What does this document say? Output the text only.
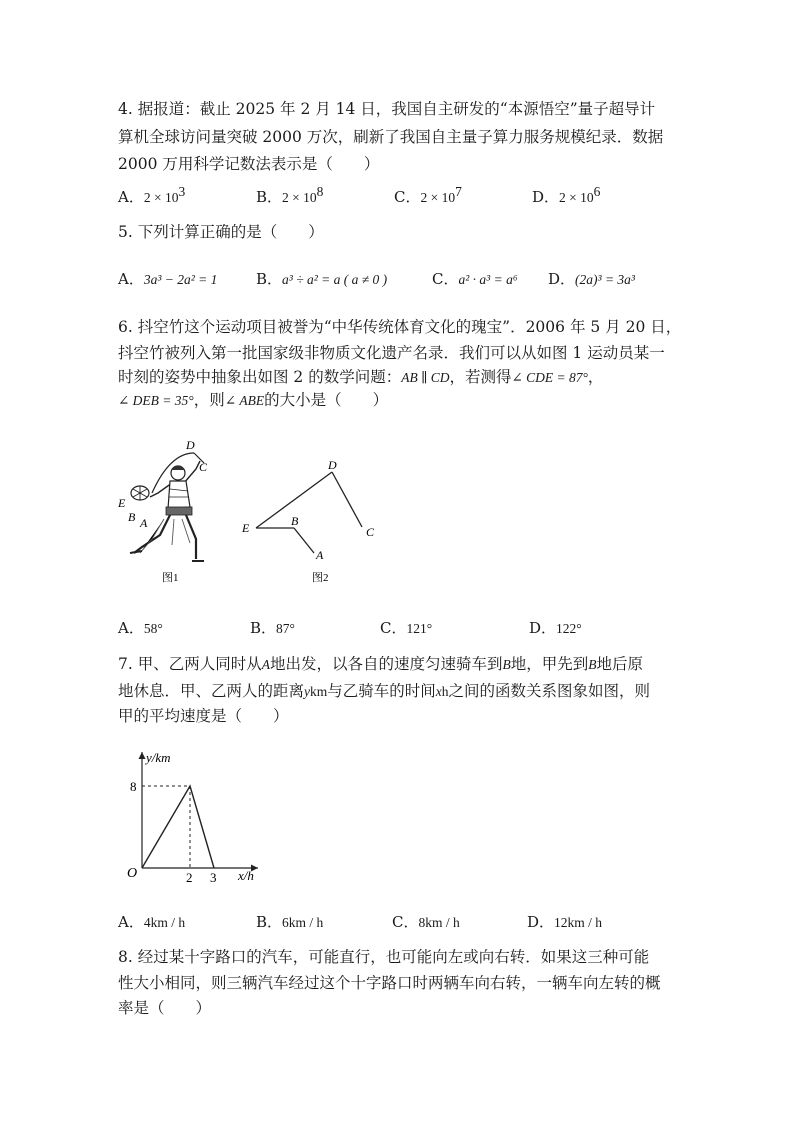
4. 据报道：截止 2025 年 2 月 14 日，我国自主研发的“本源悟空”量子超导计
算机全球访问量突破 2000 万次，刷新了我国自主量子算力服务规模纪录．数据
2000 万用科学记数法表示是（　　）
A．$2 \times 10^3$	B．$2 \times 10^8$	C．$2 \times 10^7$	D．$2 \times 10^6$
5. 下列计算正确的是（　　）
A．3a³ − 2a² = 1	B．a³ ÷ a² = a ( a ≠ 0 )	C．a² · a³ = a⁶ D．(2a)³ = 3a³
6. 抖空竹这个运动项目被誉为“中华传统体育文化的瑰宝”．2006 年 5 月 20 日，
抖空竹被列入第一批国家级非物质文化遗产名录．我们可以从如图 1 运动员某一
时刻的姿势中抽象出如图 2 的数学问题：AB ∥ CD，若测得∠ CDE = 87°，
∠ DEB = 35°，则∠ ABE的大小是（　　）
D
C
E
B A
图1
D
C
E	B
A
图2
A．58°	B．87°	C．121°	D．122°
7. 甲、乙两人同时从A地出发，以各自的速度匀速骑车到B地，甲先到B地后原
地休息．甲、乙两人的距离ykm与乙骑车的时间xh之间的函数关系图象如图，则
甲的平均速度是（　　）
y/km
x/h
O
8
2 3
A．4km / h	B．6km / h	C．8km / h	D．12km / h
8. 经过某十字路口的汽车，可能直行，也可能向左或向右转．如果这三种可能
性大小相同，则三辆汽车经过这个十字路口时两辆车向右转，一辆车向左转的概
率是（　　）
